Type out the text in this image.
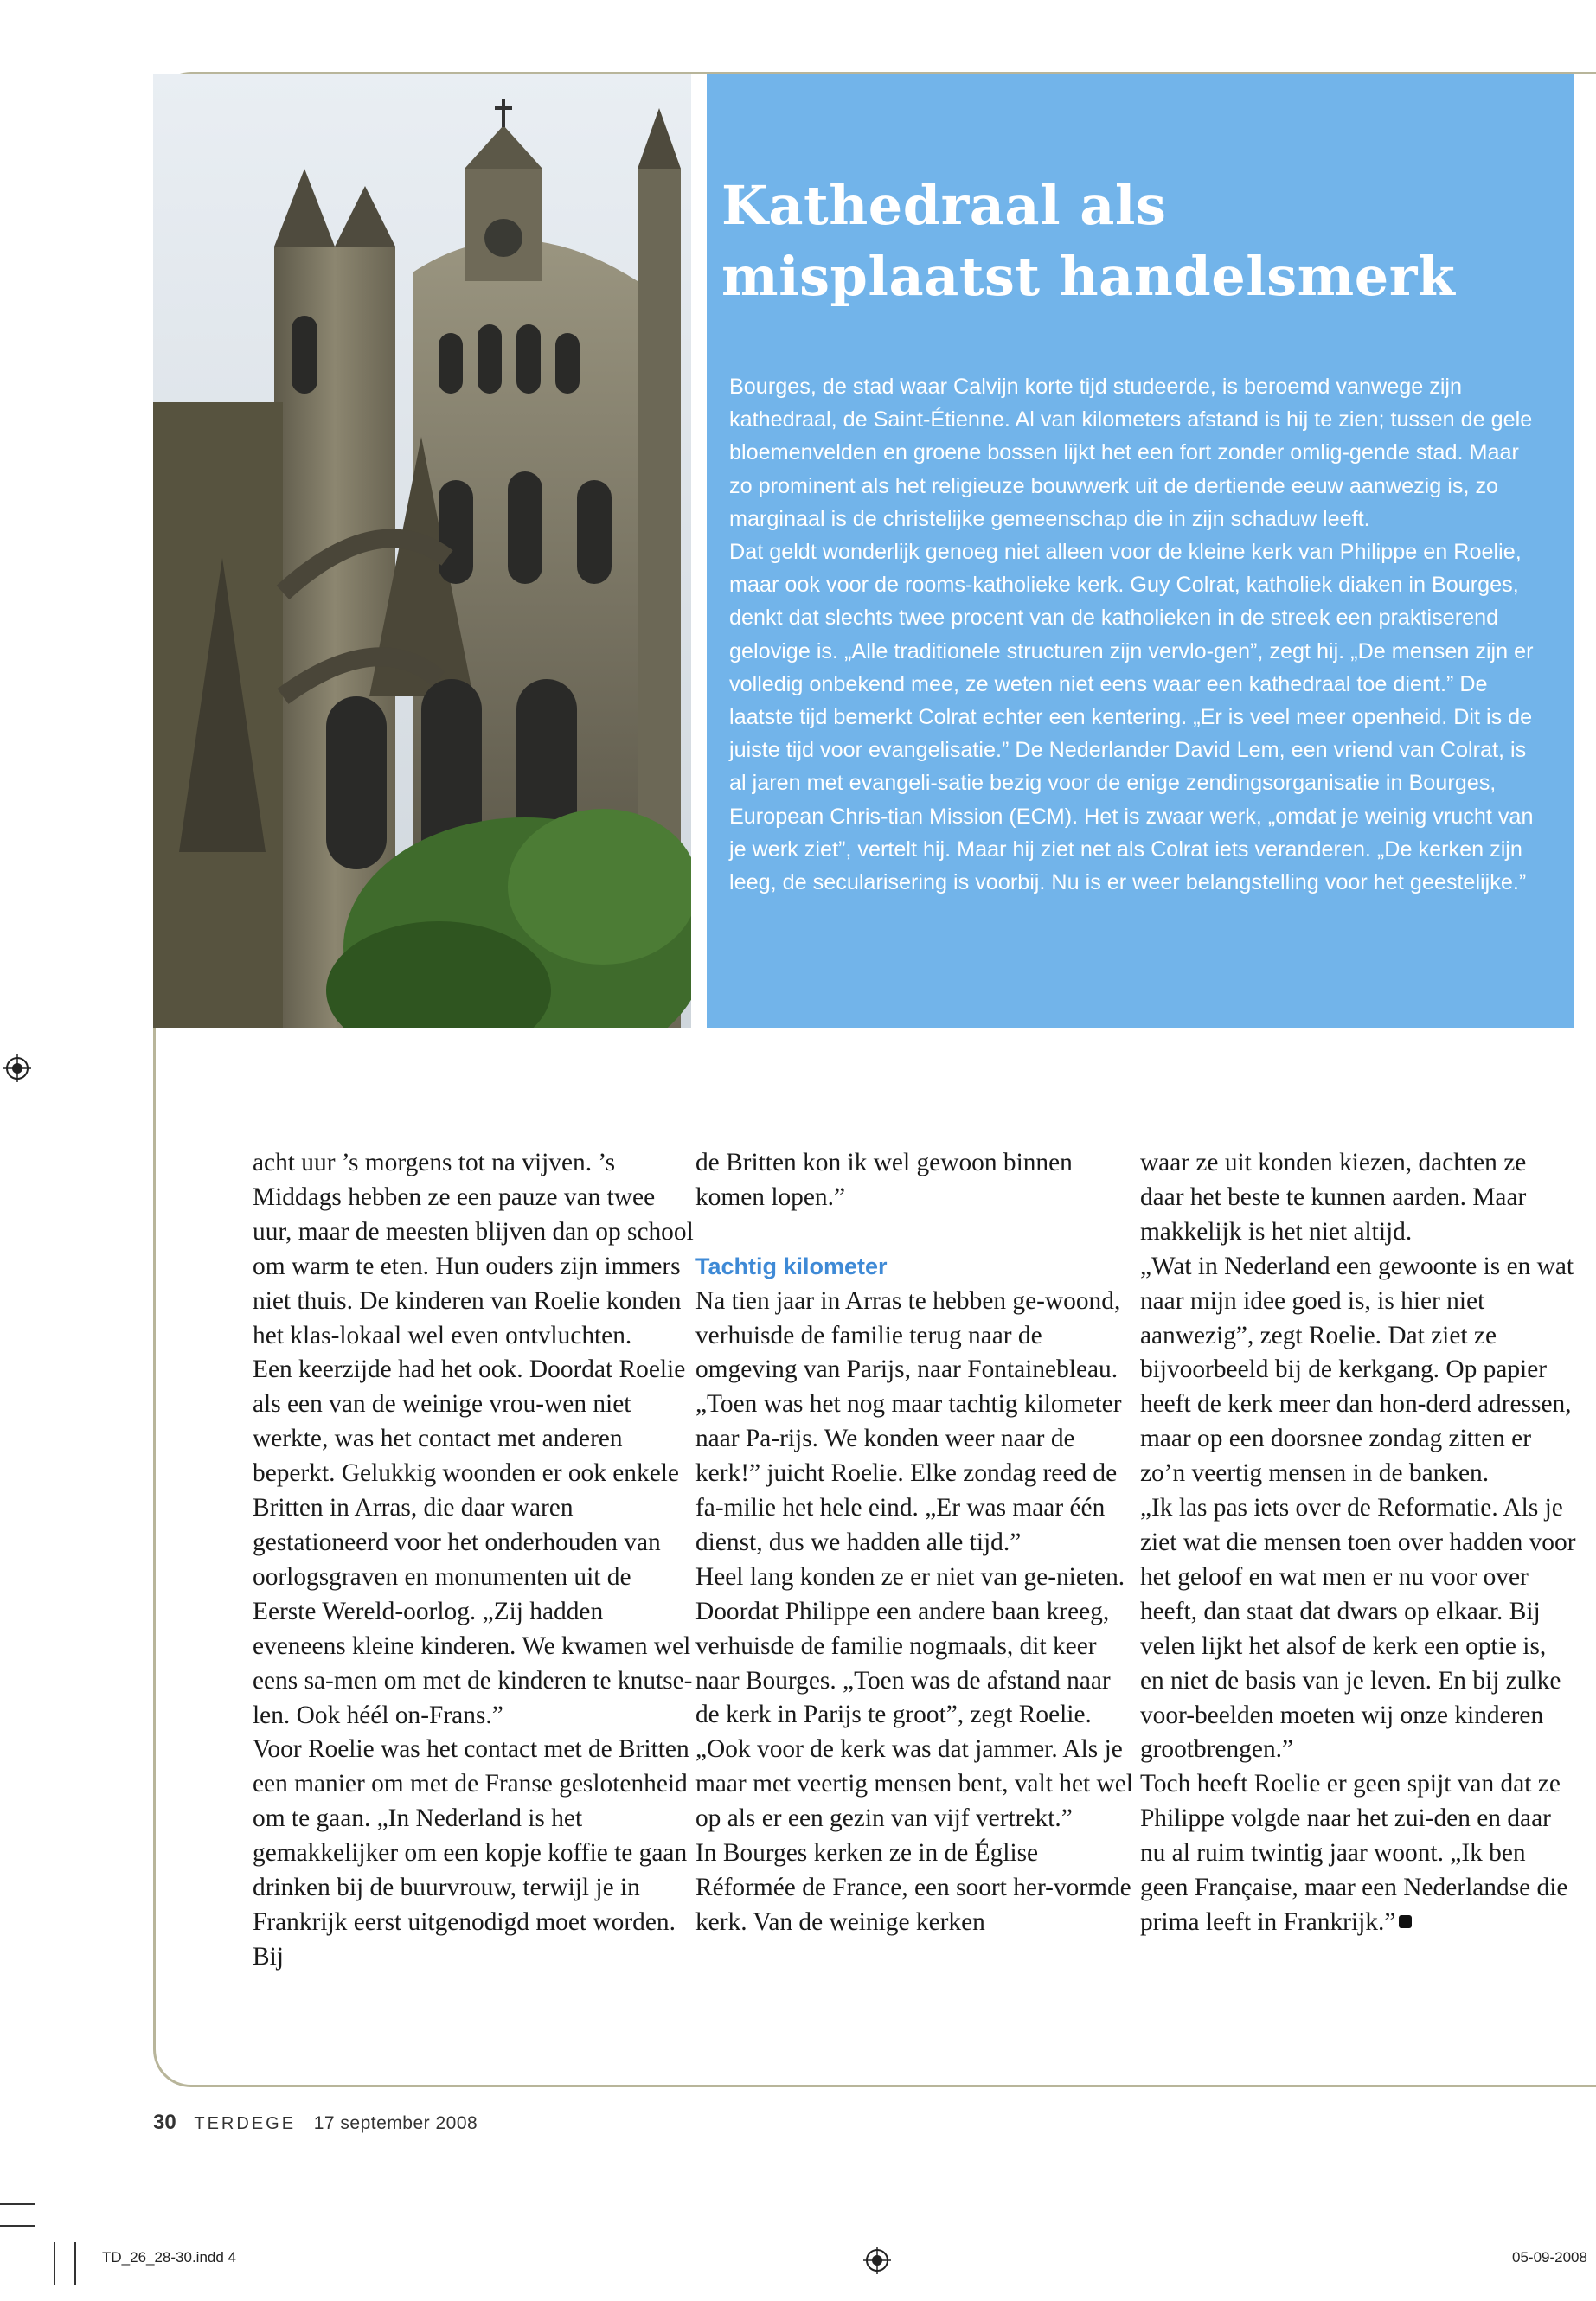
Kathedraal als
misplaatst handelsmerk

Bourges, de stad waar Calvijn korte tijd studeerde, is beroemd vanwege zijn kathedraal, de Saint-Étienne. Al van kilometers afstand is hij te zien; tussen de gele bloemenvelden en groene bossen lijkt het een fort zonder omlig-gende stad. Maar zo prominent als het religieuze bouwwerk uit de dertiende eeuw aanwezig is, zo marginaal is de christelijke gemeenschap die in zijn schaduw leeft.

Dat geldt wonderlijk genoeg niet alleen voor de kleine kerk van Philippe en Roelie, maar ook voor de rooms-katholieke kerk. Guy Colrat, katholiek diaken in Bourges, denkt dat slechts twee procent van de katholieken in de streek een praktiserend gelovige is. „Alle traditionele structuren zijn vervlo-gen”, zegt hij. „De mensen zijn er volledig onbekend mee, ze weten niet eens waar een kathedraal toe dient.” De laatste tijd bemerkt Colrat echter een kentering. „Er is veel meer openheid. Dit is de juiste tijd voor evangelisatie.” De Nederlander David Lem, een vriend van Colrat, is al jaren met evangeli-satie bezig voor de enige zendingsorganisatie in Bourges, European Chris-tian Mission (ECM). Het is zwaar werk, „omdat je weinig vrucht van je werk ziet”, vertelt hij. Maar hij ziet net als Colrat iets veranderen. „De kerken zijn leeg, de secularisering is voorbij. Nu is er weer belangstelling voor het geestelijke.”

acht uur ’s morgens tot na vijven. ’s Middags hebben ze een pauze van twee uur, maar de meesten blijven dan op school om warm te eten. Hun ouders zijn immers niet thuis. De kinderen van Roelie konden het klas-lokaal wel even ontvluchten.

Een keerzijde had het ook. Doordat Roelie als een van de weinige vrou-wen niet werkte, was het contact met anderen beperkt. Gelukkig woonden er ook enkele Britten in Arras, die daar waren gestationeerd voor het onderhouden van oorlogsgraven en monumenten uit de Eerste Wereld-oorlog. „Zij hadden eveneens kleine kinderen. We kwamen wel eens sa-men om met de kinderen te knutse-len. Ook héél on-Frans.”

Voor Roelie was het contact met de Britten een manier om met de Franse geslotenheid om te gaan. „In Nederland is het gemakkelijker om een kopje koffie te gaan drinken bij de buurvrouw, terwijl je in Frankrijk eerst uitgenodigd moet worden. Bij

de Britten kon ik wel gewoon binnen komen lopen.”

Tachtig kilometer

Na tien jaar in Arras te hebben ge-woond, verhuisde de familie terug naar de omgeving van Parijs, naar Fontainebleau. „Toen was het nog maar tachtig kilometer naar Pa-rijs. We konden weer naar de kerk!” juicht Roelie. Elke zondag reed de fa-milie het hele eind. „Er was maar één dienst, dus we hadden alle tijd.”

Heel lang konden ze er niet van ge-nieten. Doordat Philippe een andere baan kreeg, verhuisde de familie nogmaals, dit keer naar Bourges. „Toen was de afstand naar de kerk in Parijs te groot”, zegt Roelie. „Ook voor de kerk was dat jammer. Als je maar met veertig mensen bent, valt het wel op als er een gezin van vijf vertrekt.”

In Bourges kerken ze in de Église Réformée de France, een soort her-vormde kerk. Van de weinige kerken

waar ze uit konden kiezen, dachten ze daar het beste te kunnen aarden. Maar makkelijk is het niet altijd.

„Wat in Nederland een gewoonte is en wat naar mijn idee goed is, is hier niet aanwezig”, zegt Roelie. Dat ziet ze bijvoorbeeld bij de kerkgang. Op papier heeft de kerk meer dan hon-derd adressen, maar op een doorsnee zondag zitten er zo’n veertig mensen in de banken.

„Ik las pas iets over de Reformatie. Als je ziet wat die mensen toen over hadden voor het geloof en wat men er nu voor over heeft, dan staat dat dwars op elkaar. Bij velen lijkt het alsof de kerk een optie is, en niet de basis van je leven. En bij zulke voor-beelden moeten wij onze kinderen grootbrengen.”

Toch heeft Roelie er geen spijt van dat ze Philippe volgde naar het zui-den en daar nu al ruim twintig jaar woont. „Ik ben geen Française, maar een Nederlandse die prima leeft in Frankrijk.”

30 TERDEGE 17 september 2008
TD_26_28-30.indd 4	05-09-2008
